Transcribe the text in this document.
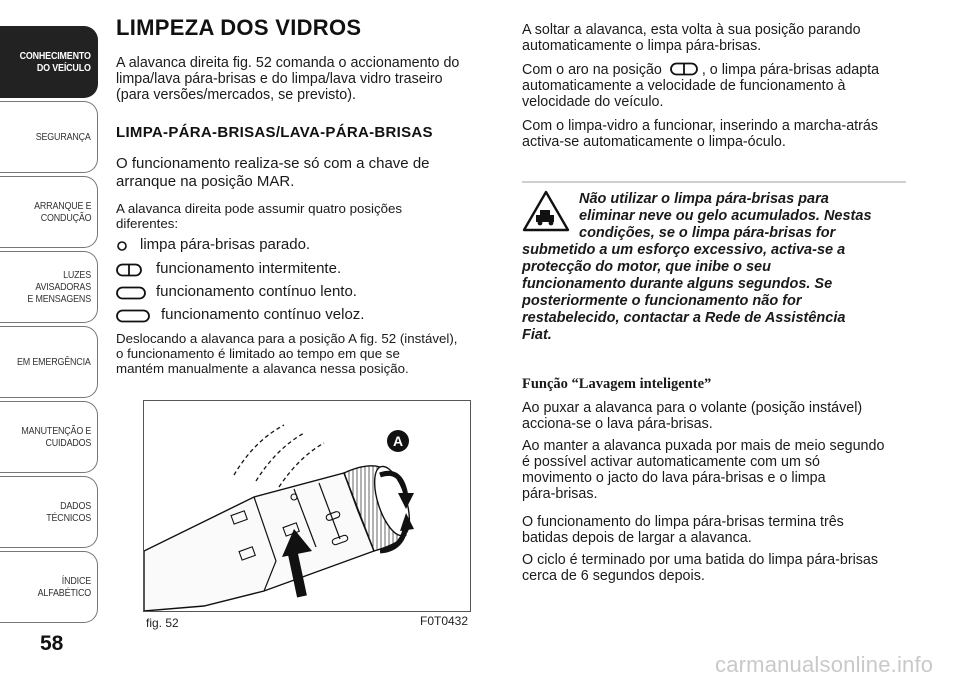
CONHECIMENTO
DO VEÍCULO
SEGURANÇA
ARRANQUE E
CONDUÇÃO
LUZES AVISADORAS
E MENSAGENS
EM EMERGÊNCIA
MANUTENÇÃO E
CUIDADOS
DADOS TÉCNICOS
ÍNDICE ALFABÉTICO
58
LIMPEZA DOS VIDROS

A alavanca direita fig. 52 comanda o accionamento do

limpa/lava pára-brisas e do limpa/lava vidro traseiro

(para versões/mercados, se previsto).

LIMPA-PÁRA-BRISAS/LAVA-PÁRA-BRISAS

O funcionamento realiza-se só com a chave de

arranque na posição MAR.

A alavanca direita pode assumir quatro posições

diferentes:

limpa pára-brisas parado.
funcionamento intermitente.
funcionamento contínuo lento.
funcionamento contínuo veloz.

Deslocando a alavanca para a posição A fig. 52 (instável),

o funcionamento é limitado ao tempo em que se

mantém manualmente a alavanca nessa posição.

A
fig. 52	F0T0432

A soltar a alavanca, esta volta à sua posição parando

automaticamente o limpa pára-brisas.

Com o aro na posição	, o limpa pára-brisas adapta

automaticamente a velocidade de funcionamento à

velocidade do veículo.

Com o limpa-vidro a funcionar, inserindo a marcha-atrás

activa-se automaticamente o limpa-óculo.

Não utilizar o limpa pára-brisas para

eliminar neve ou gelo acumulados. Nestas

condições, se o limpa pára-brisas for

submetido a um esforço excessivo, activa-se a

protecção do motor, que inibe o seu

funcionamento durante alguns segundos. Se

posteriormente o funcionamento não for

restabelecido, contactar a Rede de Assistência

Fiat.

Função “Lavagem inteligente”

Ao puxar a alavanca para o volante (posição instável)

acciona-se o lava pára-brisas.

Ao manter a alavanca puxada por mais de meio segundo

é possível activar automaticamente com um só

movimento o jacto do lava pára-brisas e o limpa

pára-brisas.

O funcionamento do limpa pára-brisas termina três

batidas depois de largar a alavanca.

O ciclo é terminado por uma batida do limpa pára-brisas

cerca de 6 segundos depois.

carmanualsonline.info
